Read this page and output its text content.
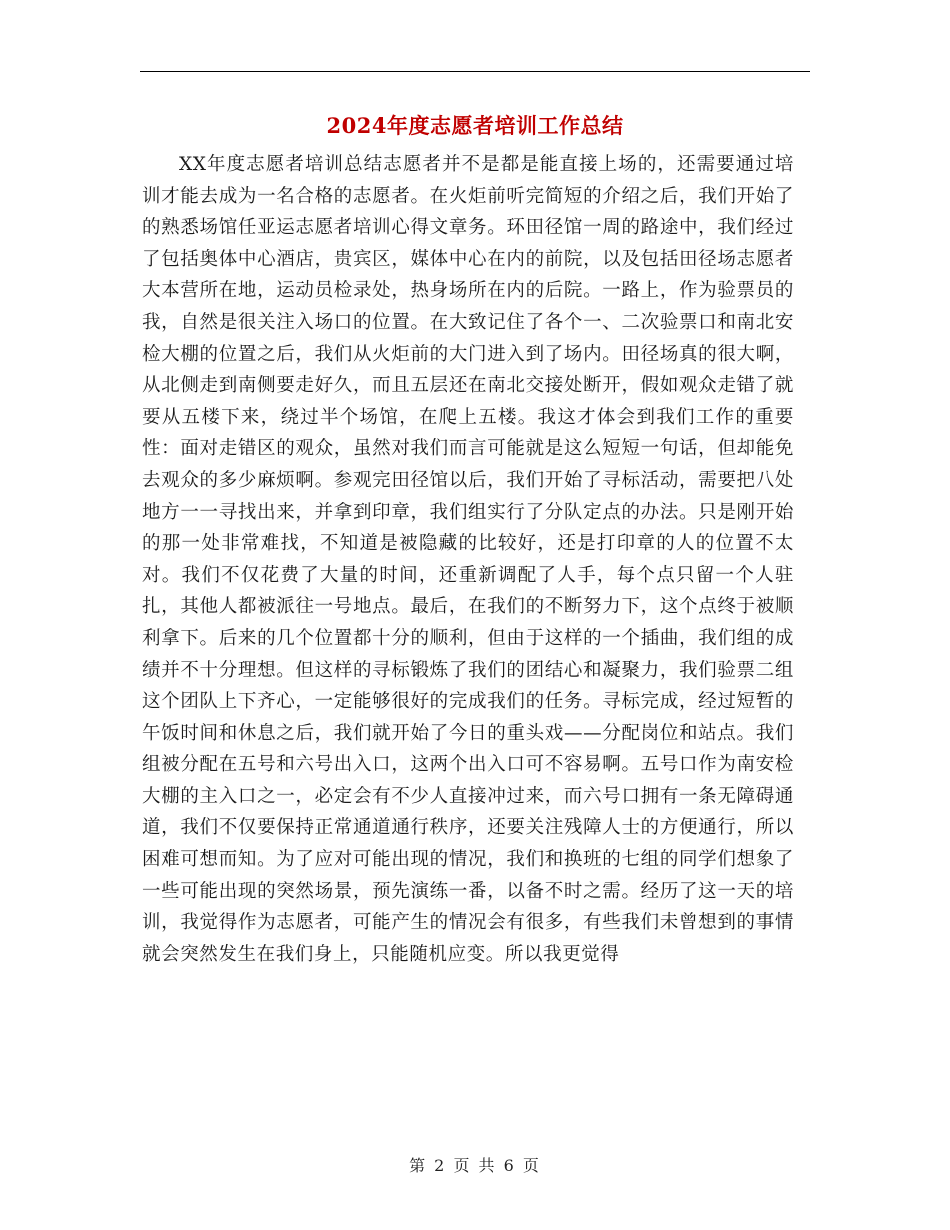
2024年度志愿者培训工作总结

XX年度志愿者培训总结志愿者并不是都是能直接上场的，还需要通过培训才能去成为一名合格的志愿者。在火炬前听完简短的介绍之后，我们开始了的熟悉场馆任亚运志愿者培训心得文章务。环田径馆一周的路途中，我们经过了包括奥体中心酒店，贵宾区，媒体中心在内的前院，以及包括田径场志愿者大本营所在地，运动员检录处，热身场所在内的后院。一路上，作为验票员的我，自然是很关注入场口的位置。在大致记住了各个一、二次验票口和南北安检大棚的位置之后，我们从火炬前的大门进入到了场内。田径场真的很大啊，从北侧走到南侧要走好久，而且五层还在南北交接处断开，假如观众走错了就要从五楼下来，绕过半个场馆，在爬上五楼。我这才体会到我们工作的重要性：面对走错区的观众，虽然对我们而言可能就是这么短短一句话，但却能免去观众的多少麻烦啊。参观完田径馆以后，我们开始了寻标活动，需要把八处地方一一寻找出来，并拿到印章，我们组实行了分队定点的办法。只是刚开始的那一处非常难找，不知道是被隐藏的比较好，还是打印章的人的位置不太对。我们不仅花费了大量的时间，还重新调配了人手，每个点只留一个人驻扎，其他人都被派往一号地点。最后，在我们的不断努力下，这个点终于被顺利拿下。后来的几个位置都十分的顺利，但由于这样的一个插曲，我们组的成绩并不十分理想。但这样的寻标锻炼了我们的团结心和凝聚力，我们验票二组这个团队上下齐心，一定能够很好的完成我们的任务。寻标完成，经过短暂的午饭时间和休息之后，我们就开始了今日的重头戏——分配岗位和站点。我们组被分配在五号和六号出入口，这两个出入口可不容易啊。五号口作为南安检大棚的主入口之一，必定会有不少人直接冲过来，而六号口拥有一条无障碍通道，我们不仅要保持正常通道通行秩序，还要关注残障人士的方便通行，所以困难可想而知。为了应对可能出现的情况，我们和换班的七组的同学们想象了一些可能出现的突然场景，预先演练一番，以备不时之需。经历了这一天的培训，我觉得作为志愿者，可能产生的情况会有很多，有些我们未曾想到的事情就会突然发生在我们身上，只能随机应变。所以我更觉得

第 2 页 共 6 页
